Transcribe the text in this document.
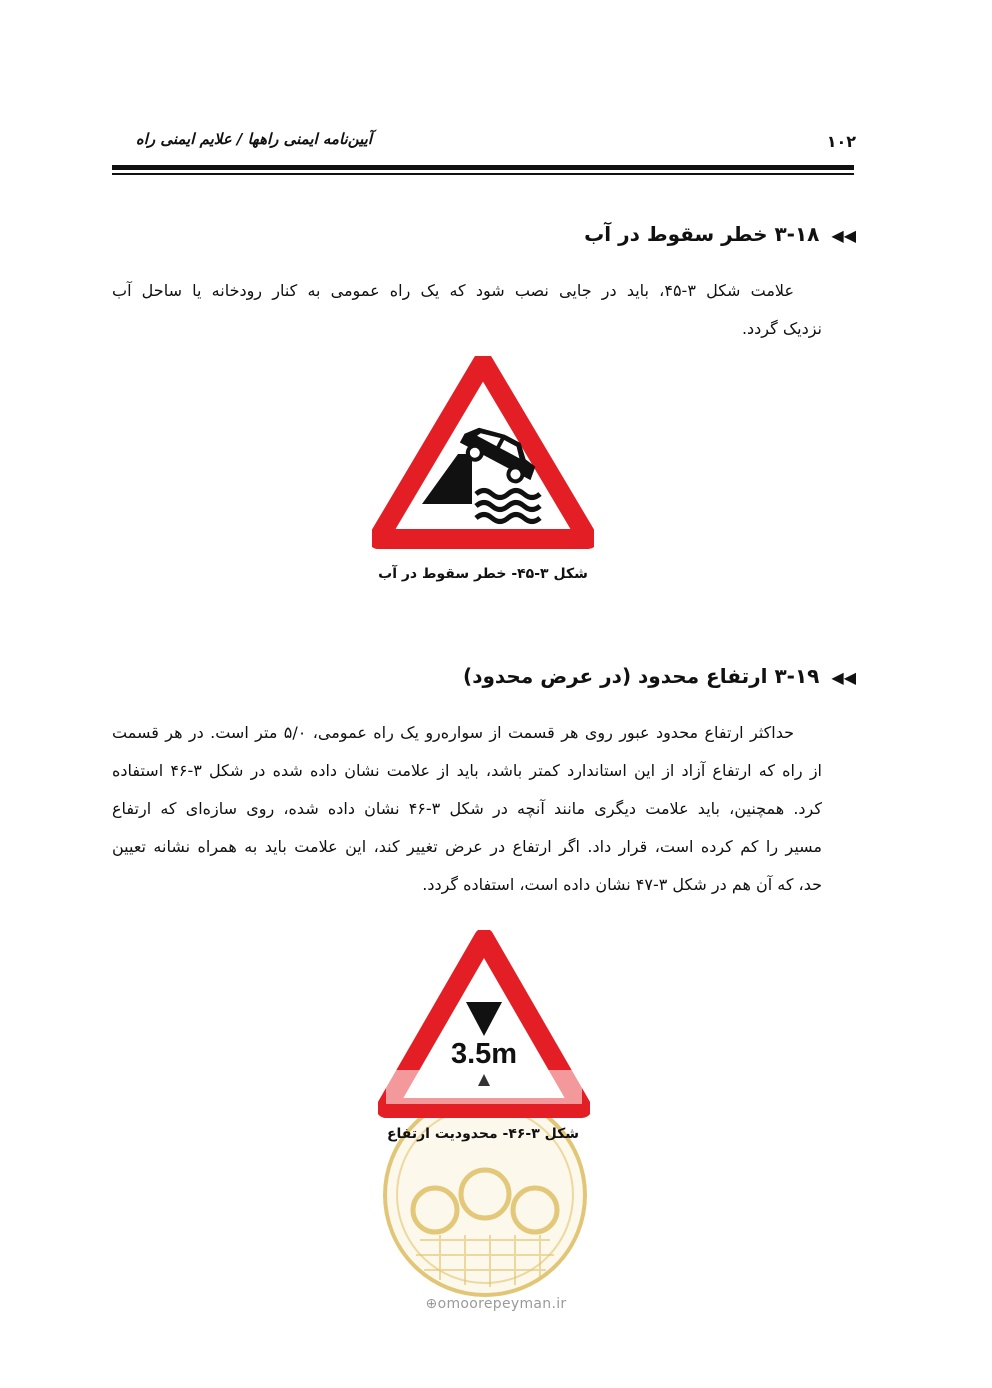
آیین‌نامه ایمنی راهها / علایم ایمنی راه	۱۰۲
◀◀۳-۱۸ خطر سقوط در آب

علامت شکل ۳-۴۵، باید در جایی نصب شود که یک راه عمومی به کنار رودخانه یا ساحل آب

نزدیک گردد.

شکل ۳-۴۵- خطر سقوط در آب
◀◀۳-۱۹ ارتفاع محدود (در عرض محدود)

حداکثر ارتفاع محدود عبور روی هر قسمت از سواره‌رو یک راه عمومی، ۵/۰ متر است. در هر قسمت

از راه که ارتفاع آزاد از این استاندارد کمتر باشد، باید از علامت نشان داده شده در شکل ۳-۴۶ استفاده

کرد. همچنین، باید علامت دیگری مانند آنچه در شکل ۳-۴۶ نشان داده شده، روی سازه‌ای که ارتفاع

مسیر را کم کرده است، قرار داد. اگر ارتفاع در عرض تغییر کند، این علامت باید به همراه نشانه تعیین

حد، که آن هم در شکل ۳-۴۷ نشان داده است، استفاده گردد.

3.5m
شکل ۳-۴۶- محدودیت ارتفاع
⊕omoorepeyman.ir
